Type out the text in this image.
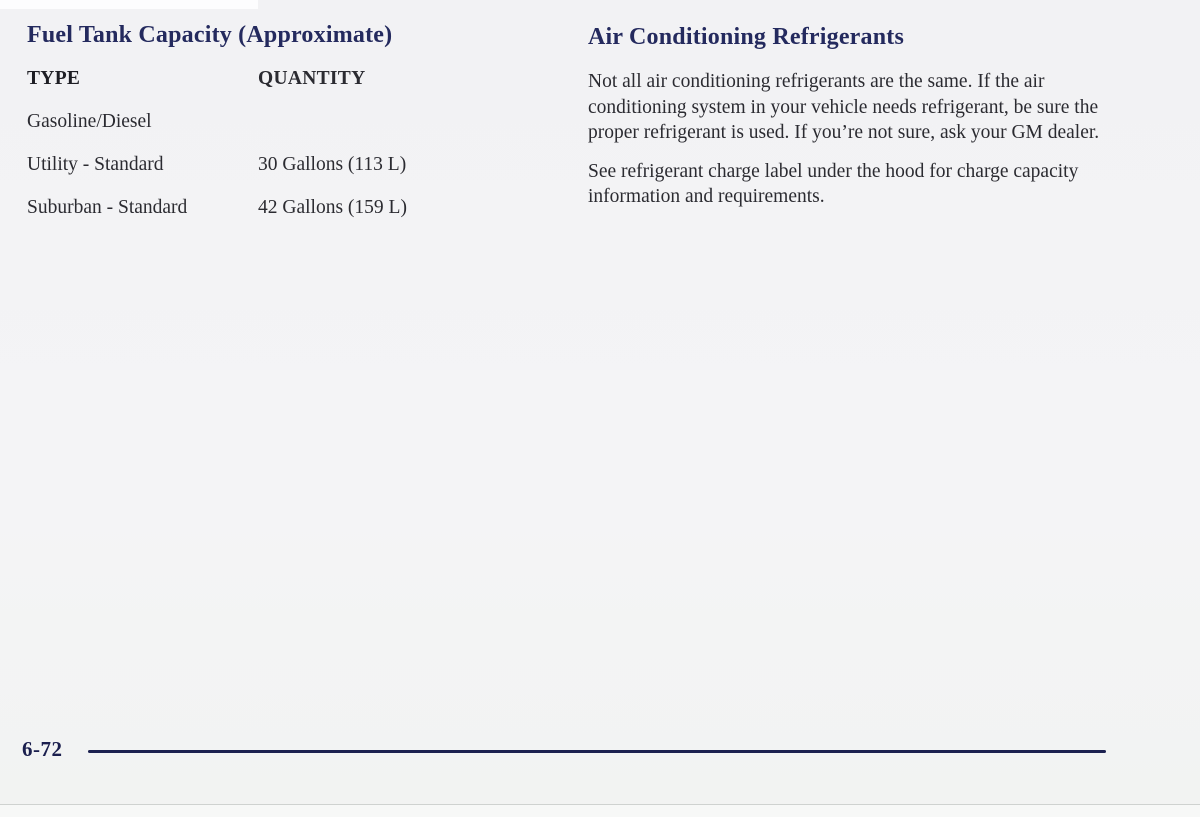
Fuel Tank Capacity (Approximate)
TYPE	QUANTITY
Gasoline/Diesel
Utility - Standard	30 Gallons (113 L)
Suburban - Standard	42 Gallons (159 L)
Air Conditioning Refrigerants

Not all air conditioning refrigerants are the same. If the air conditioning system in your vehicle needs refrigerant, be sure the proper refrigerant is used. If you’re not sure, ask your GM dealer.

See refrigerant charge label under the hood for charge capacity information and requirements.

6-72
